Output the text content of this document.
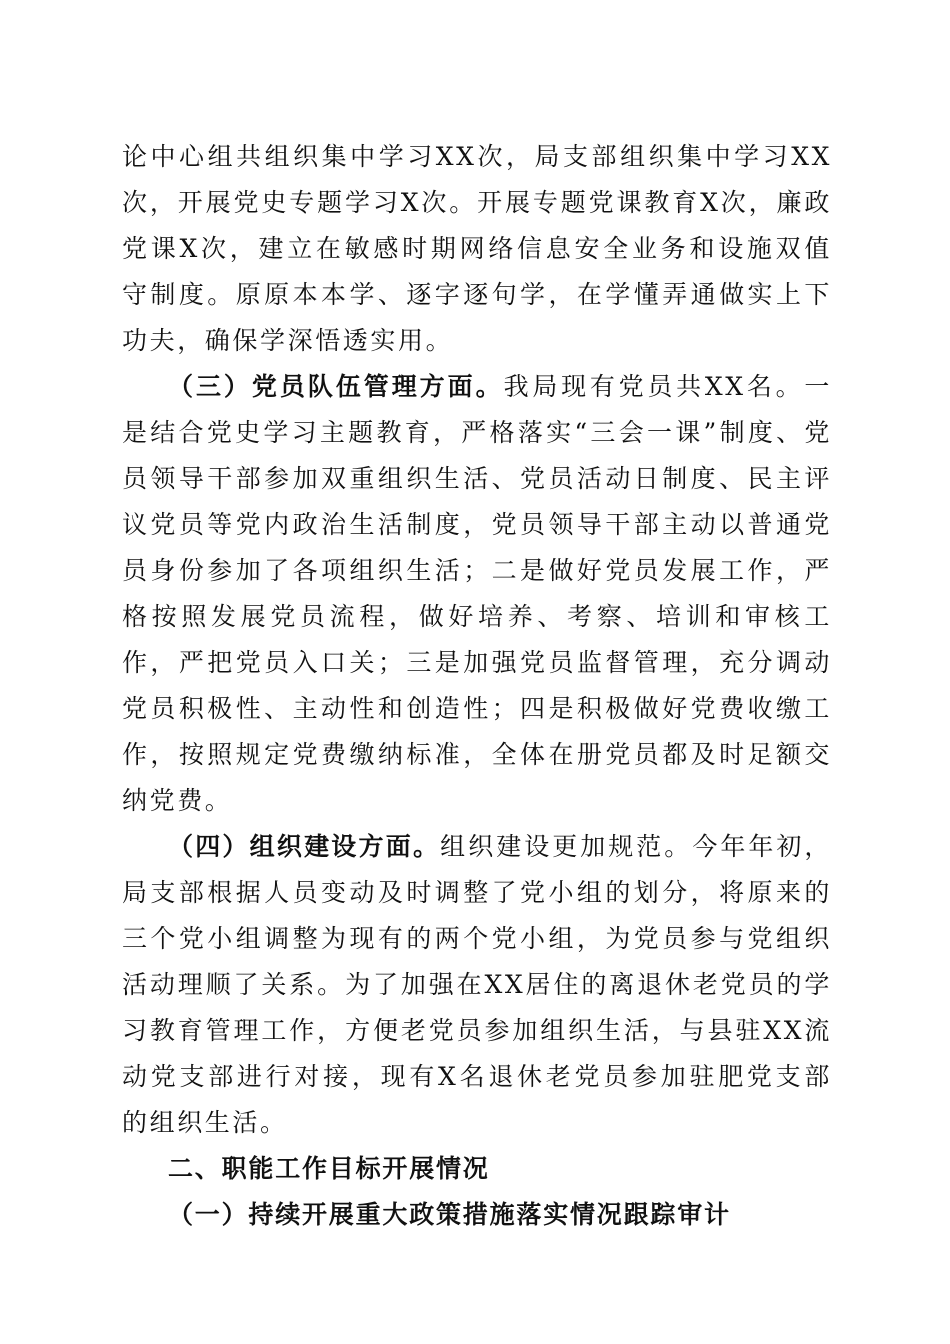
论中心组共组织集中学习XX次，局支部组织集中学习XX次，开展党史专题学习X次。开展专题党课教育X次，廉政党课X次，建立在敏感时期网络信息安全业务和设施双值守制度。原原本本学、逐字逐句学，在学懂弄通做实上下功夫，确保学深悟透实用。

（三）党员队伍管理方面。我局现有党员共XX名。一是结合党史学习主题教育，严格落实“三会一课”制度、党员领导干部参加双重组织生活、党员活动日制度、民主评议党员等党内政治生活制度，党员领导干部主动以普通党员身份参加了各项组织生活；二是做好党员发展工作，严格按照发展党员流程，做好培养、考察、培训和审核工作，严把党员入口关；三是加强党员监督管理，充分调动党员积极性、主动性和创造性；四是积极做好党费收缴工作，按照规定党费缴纳标准，全体在册党员都及时足额交纳党费。

（四）组织建设方面。组织建设更加规范。今年年初，局支部根据人员变动及时调整了党小组的划分，将原来的三个党小组调整为现有的两个党小组，为党员参与党组织活动理顺了关系。为了加强在XX居住的离退休老党员的学习教育管理工作，方便老党员参加组织生活，与县驻XX流动党支部进行对接，现有X名退休老党员参加驻肥党支部的组织生活。

二、职能工作目标开展情况

（一）持续开展重大政策措施落实情况跟踪审计
